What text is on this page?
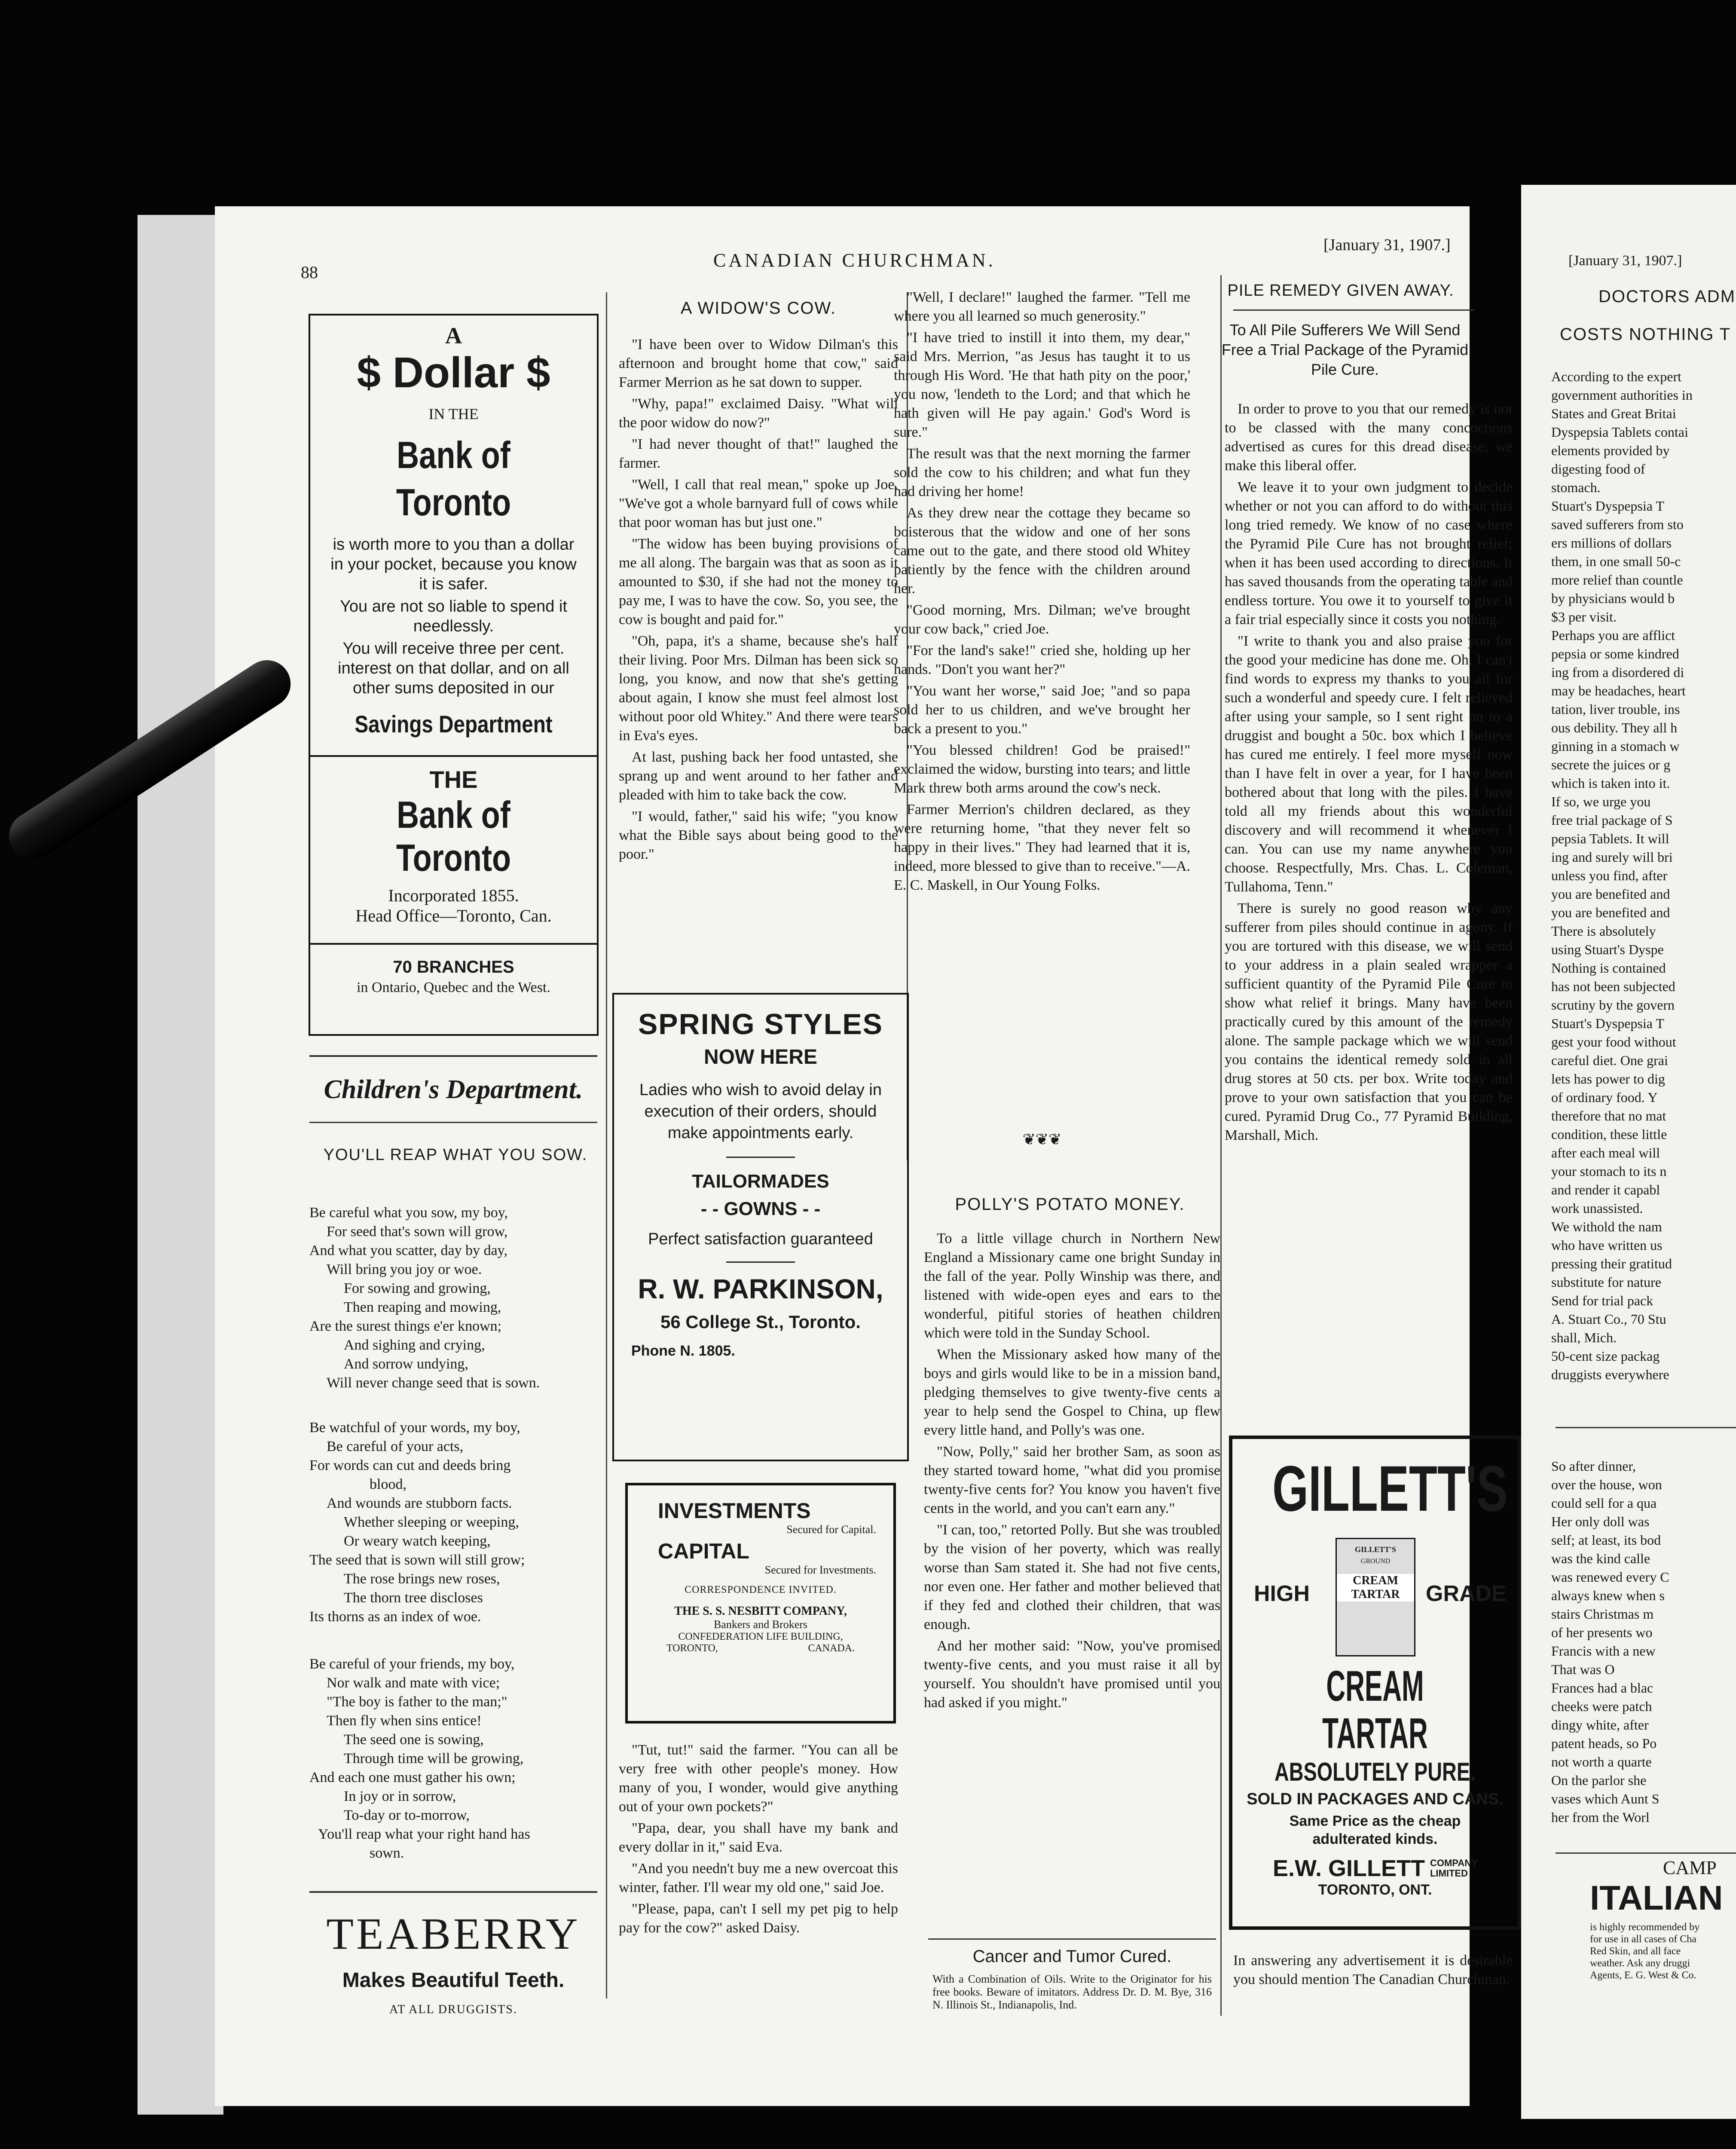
88
CANADIAN CHURCHMAN.
[January 31, 1907.]
A
$ Dollar $
IN THE
Bank of Toronto
is worth more to you than a dollar in your pocket, because you know it is safer.
You are not so liable to spend it needlessly.
You will receive three per cent. interest on that dollar, and on all other sums deposited in our
Savings Department
THE
Bank of Toronto
Incorporated 1855.
Head Office—Toronto, Can.
70 BRANCHES
in Ontario, Quebec and the West.
Children's Department.
YOU'LL REAP WHAT YOU SOW.
Be careful what you sow, my boy,
For seed that's sown will grow,
And what you scatter, day by day,
Will bring you joy or woe.
For sowing and growing,
Then reaping and mowing,
Are the surest things e'er known;
And sighing and crying,
And sorrow undying,
Will never change seed that is sown.
Be watchful of your words, my boy,
Be careful of your acts,
For words can cut and deeds bring
blood,
And wounds are stubborn facts.
Whether sleeping or weeping,
Or weary watch keeping,
The seed that is sown will still grow;
The rose brings new roses,
The thorn tree discloses
Its thorns as an index of woe.
Be careful of your friends, my boy,
Nor walk and mate with vice;
"The boy is father to the man;"
Then fly when sins entice!
The seed one is sowing,
Through time will be growing,
And each one must gather his own;
In joy or in sorrow,
To-day or to-morrow,
You'll reap what your right hand has
sown.
TEABERRY
Makes Beautiful Teeth.
AT ALL DRUGGISTS.
A WIDOW'S COW.

"I have been over to Widow Dilman's this afternoon and brought home that cow," said Farmer Merrion as he sat down to supper.

"Why, papa!" exclaimed Daisy. "What will the poor widow do now?"

"I had never thought of that!" laughed the farmer.

"Well, I call that real mean," spoke up Joe. "We've got a whole barnyard full of cows while that poor woman has but just one."

"The widow has been buying provisions of me all along. The bargain was that as soon as it amounted to $30, if she had not the money to pay me, I was to have the cow. So, you see, the cow is bought and paid for."

"Oh, papa, it's a shame, because she's half their living. Poor Mrs. Dilman has been sick so long, you know, and now that she's getting about again, I know she must feel almost lost without poor old Whitey." And there were tears in Eva's eyes.

At last, pushing back her food untasted, she sprang up and went around to her father and pleaded with him to take back the cow.

"I would, father," said his wife; "you know what the Bible says about being good to the poor."

SPRING STYLES
NOW HERE
Ladies who wish to avoid delay in execution of their orders, should make appointments early.
TAILORMADES
- - GOWNS - -
Perfect satisfaction guaranteed
R. W. PARKINSON,
56 College St., Toronto.
Phone N. 1805.
INVESTMENTS
Secured for Capital.
CAPITAL
Secured for Investments.
CORRESPONDENCE INVITED.
THE S. S. NESBITT COMPANY,
Bankers and Brokers
CONFEDERATION LIFE BUILDING,
TORONTO,	CANADA.

"Tut, tut!" said the farmer. "You can all be very free with other people's money. How many of you, I wonder, would give anything out of your own pockets?"

"Papa, dear, you shall have my bank and every dollar in it," said Eva.

"And you needn't buy me a new overcoat this winter, father. I'll wear my old one," said Joe.

"Please, papa, can't I sell my pet pig to help pay for the cow?" asked Daisy.

"Well, I declare!" laughed the farmer. "Tell me where you all learned so much generosity."

"I have tried to instill it into them, my dear," said Mrs. Merrion, "as Jesus has taught it to us through His Word. 'He that hath pity on the poor,' you now, 'lendeth to the Lord; and that which he hath given will He pay again.' God's Word is sure."

The result was that the next morning the farmer sold the cow to his children; and what fun they had driving her home!

As they drew near the cottage they became so boisterous that the widow and one of her sons came out to the gate, and there stood old Whitey patiently by the fence with the children around her.

"Good morning, Mrs. Dilman; we've brought your cow back," cried Joe.

"For the land's sake!" cried she, holding up her hands. "Don't you want her?"

"You want her worse," said Joe; "and so papa sold her to us children, and we've brought her back a present to you."

"You blessed children! God be praised!" exclaimed the widow, bursting into tears; and little Mark threw both arms around the cow's neck.

Farmer Merrion's children declared, as they were returning home, "that they never felt so happy in their lives." They had learned that it is, indeed, more blessed to give than to receive."—A. E. C. Maskell, in Our Young Folks.

❦❦❦
POLLY'S POTATO MONEY.

To a little village church in Northern New England a Missionary came one bright Sunday in the fall of the year. Polly Winship was there, and listened with wide-open eyes and ears to the wonderful, pitiful stories of heathen children which were told in the Sunday School.

When the Missionary asked how many of the boys and girls would like to be in a mission band, pledging themselves to give twenty-five cents a year to help send the Gospel to China, up flew every little hand, and Polly's was one.

"Now, Polly," said her brother Sam, as soon as they started toward home, "what did you promise twenty-five cents for? You know you haven't five cents in the world, and you can't earn any."

"I can, too," retorted Polly. But she was troubled by the vision of her poverty, which was really worse than Sam stated it. She had not five cents, nor even one. Her father and mother believed that if they fed and clothed their children, that was enough.

And her mother said: "Now, you've promised twenty-five cents, and you must raise it all by yourself. You shouldn't have promised until you had asked if you might."

Cancer and Tumor Cured.
With a Combination of Oils. Write to the Originator for his free books. Beware of imitators. Address Dr. D. M. Bye, 316 N. Illinois St., Indianapolis, Ind.
PILE REMEDY GIVEN AWAY.
To All Pile Sufferers We Will Send Free a Trial Package of the Pyramid Pile Cure.

In order to prove to you that our remedy is not to be classed with the many concoctions advertised as cures for this dread disease, we make this liberal offer.

We leave it to your own judgment to decide whether or not you can afford to do without this long tried remedy. We know of no case where the Pyramid Pile Cure has not brought relief; when it has been used according to directions. It has saved thousands from the operating table and endless torture. You owe it to yourself to give it a fair trial especially since it costs you nothing.

"I write to thank you and also praise you for the good your medicine has done me. Oh, I can't find words to express my thanks to you all for such a wonderful and speedy cure. I felt relieved after using your sample, so I sent right on to a druggist and bought a 50c. box which I believe has cured me entirely. I feel more myself now than I have felt in over a year, for I have been bothered about that long with the piles. I have told all my friends about this wonderful discovery and will recommend it whenever I can. You can use my name anywhere you choose. Respectfully, Mrs. Chas. L. Coleman, Tullahoma, Tenn."

There is surely no good reason why any sufferer from piles should continue in agony. If you are tortured with this disease, we will send to your address in a plain sealed wrapper a sufficient quantity of the Pyramid Pile Cure to show what relief it brings. Many have been practically cured by this amount of the remedy alone. The sample package which we will send you contains the identical remedy sold in all drug stores at 50 cts. per box. Write today and prove to your own satisfaction that you can be cured. Pyramid Drug Co., 77 Pyramid Building, Marshall, Mich.

GILLETT'S
HIGH
GILLETT'S
GROUND
CREAM
TARTAR	GRADE
CREAM TARTAR
ABSOLUTELY PURE.
SOLD IN PACKAGES AND CANS.
Same Price as the cheap adulterated kinds.
E.W. GILLETT COMPANY LIMITED
TORONTO, ONT.
In answering any advertisement it is desirable you should mention The Canadian Churchman.
[January 31, 1907.]
DOCTORS ADM
COSTS NOTHING T
According to the expert
government authorities in
States and Great Britai
Dyspepsia Tablets contai
elements provided by
digesting food of
stomach.
Stuart's Dyspepsia T
saved sufferers from sto
ers millions of dollars
them, in one small 50-c
more relief than countle
by physicians would b
$3 per visit.
Perhaps you are afflict
pepsia or some kindred
ing from a disordered di
may be headaches, heart
tation, liver trouble, ins
ous debility. They all h
ginning in a stomach w
secrete the juices or g
which is taken into it.
If so, we urge you
free trial package of S
pepsia Tablets. It will
ing and surely will bri
unless you find, after
you are benefited and
you are benefited and
There is absolutely
using Stuart's Dyspe
Nothing is contained
has not been subjected
scrutiny by the govern
Stuart's Dyspepsia T
gest your food without
careful diet. One grai
lets has power to dig
of ordinary food. Y
therefore that no mat
condition, these little
after each meal will
your stomach to its n
and render it capabl
work unassisted.
We withold the nam
who have written us
pressing their gratitud
substitute for nature
Send for trial pack
A. Stuart Co., 70 Stu
shall, Mich.
50-cent size packag
druggists everywhere
So after dinner,
over the house, won
could sell for a qua
Her only doll was
self; at least, its bod
was the kind calle
was renewed every C
always knew when s
stairs Christmas m
of her presents wo
Francis with a new
That was O
Frances had a blac
cheeks were patch
dingy white, after
patent heads, so Po
not worth a quarte
On the parlor she
vases which Aunt S
her from the Worl
CAMP
ITALIAN
is highly recommended by
for use in all cases of Cha
Red Skin, and all face
weather. Ask any druggi
Agents, E. G. West & Co.
